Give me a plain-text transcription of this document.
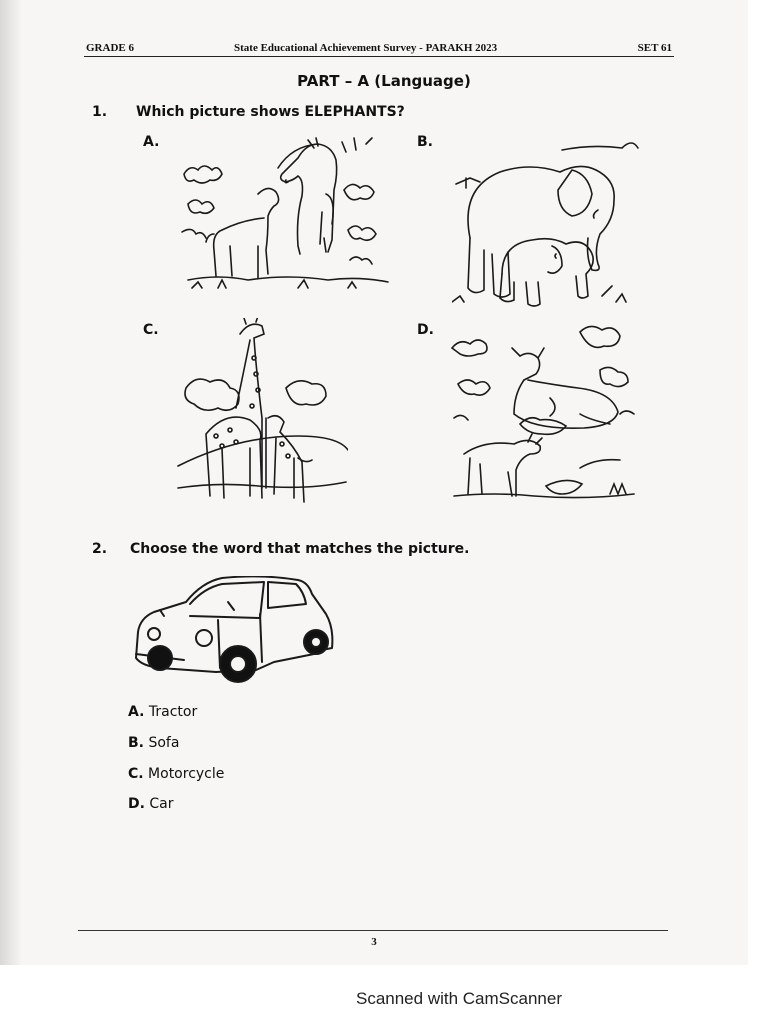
GRADE 6	State Educational Achievement Survey - PARAKH 2023	SET 61
PART – A (Language)
1. Which picture shows ELEPHANTS?
A.	B.
C.	D.
2. Choose the word that matches the picture.
A. Tractor
B. Sofa
C. Motorcycle
D. Car
3
Scanned with CamScanner
